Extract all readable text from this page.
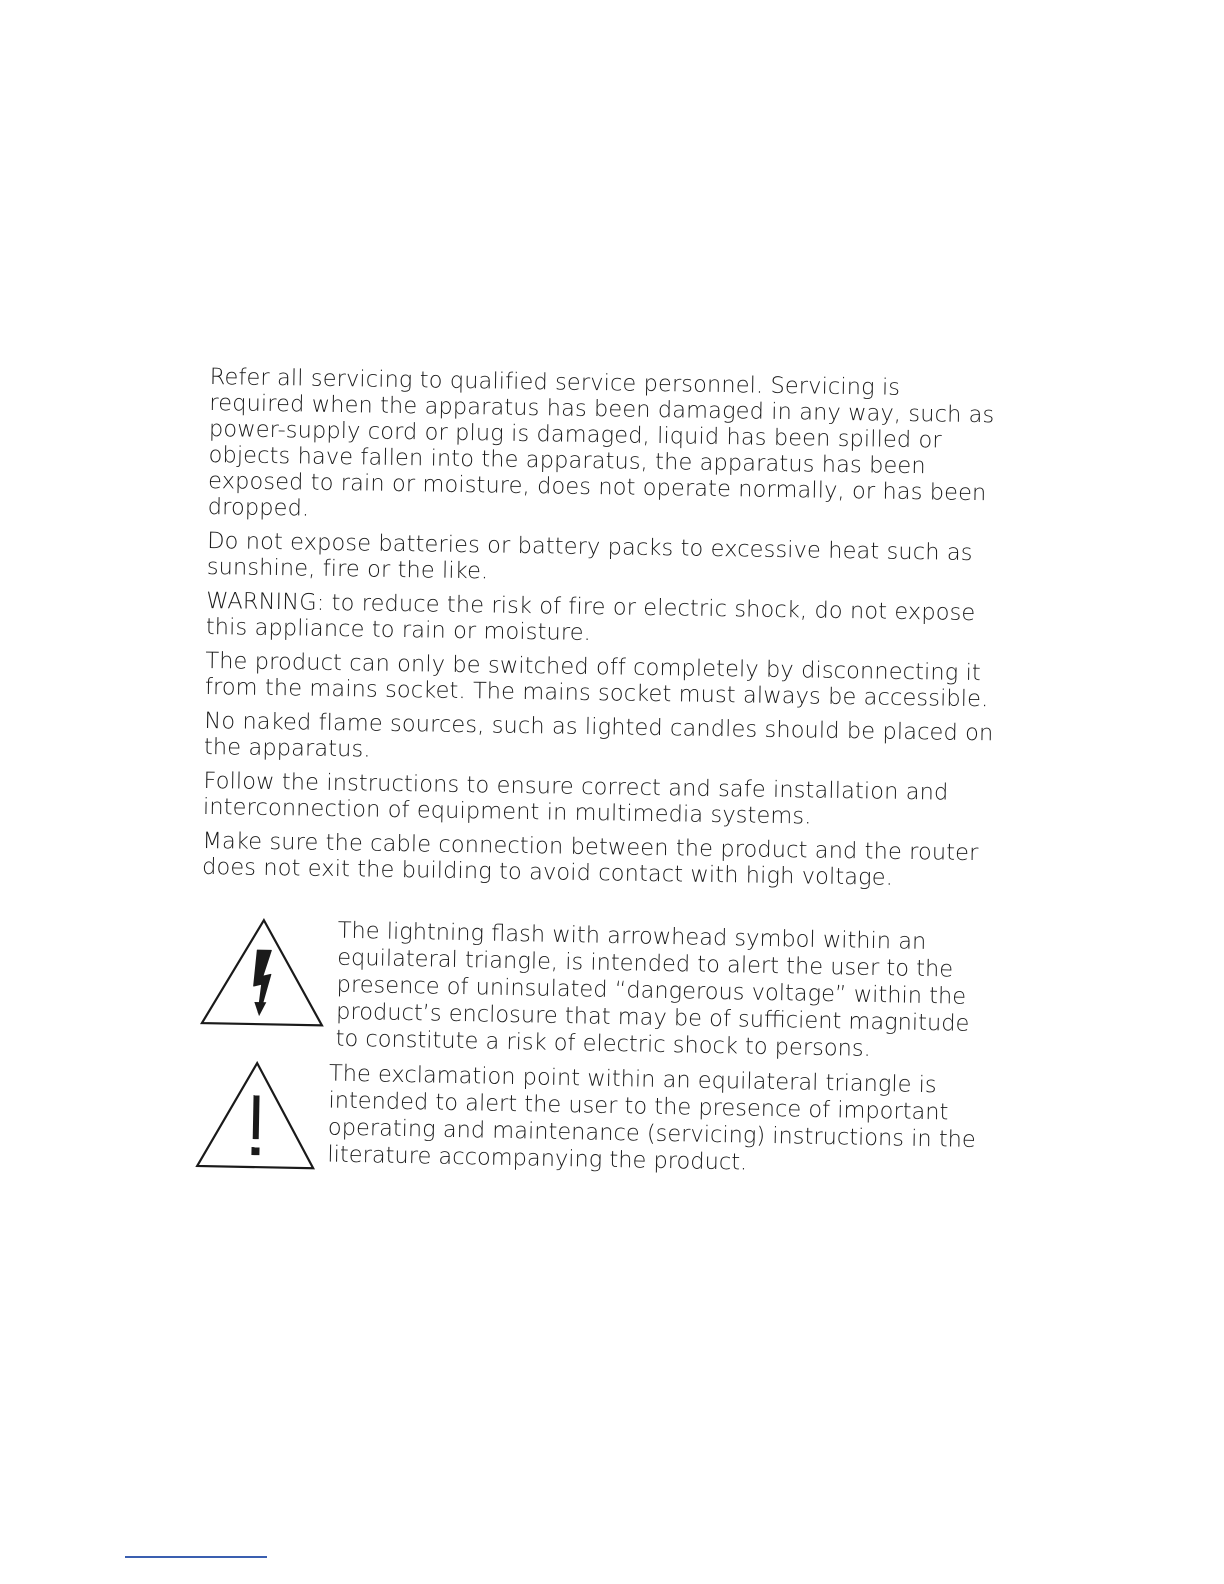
Refer all servicing to qualified service personnel. Servicing is required when the apparatus has been damaged in any way, such as power-supply cord or plug is damaged, liquid has been spilled or objects have fallen into the apparatus, the apparatus has been exposed to rain or moisture, does not operate normally, or has been dropped.

Do not expose batteries or battery packs to excessive heat such as sunshine, fire or the like.

WARNING: to reduce the risk of fire or electric shock, do not expose this appliance to rain or moisture.

The product can only be switched off completely by disconnecting it from the mains socket. The mains socket must always be accessible.

No naked flame sources, such as lighted candles should be placed on the apparatus.

Follow the instructions to ensure correct and safe installation and interconnection of equipment in multimedia systems.

Make sure the cable connection between the product and the router does not exit the building to avoid contact with high voltage.

The lightning flash with arrowhead symbol within an equilateral triangle, is intended to alert the user to the presence of uninsulated “dangerous voltage” within the product’s enclosure that may be of sufficient magnitude to constitute a risk of electric shock to persons.

The exclamation point within an equilateral triangle is intended to alert the user to the presence of important operating and maintenance (servicing) instructions in the literature accompanying the product.
